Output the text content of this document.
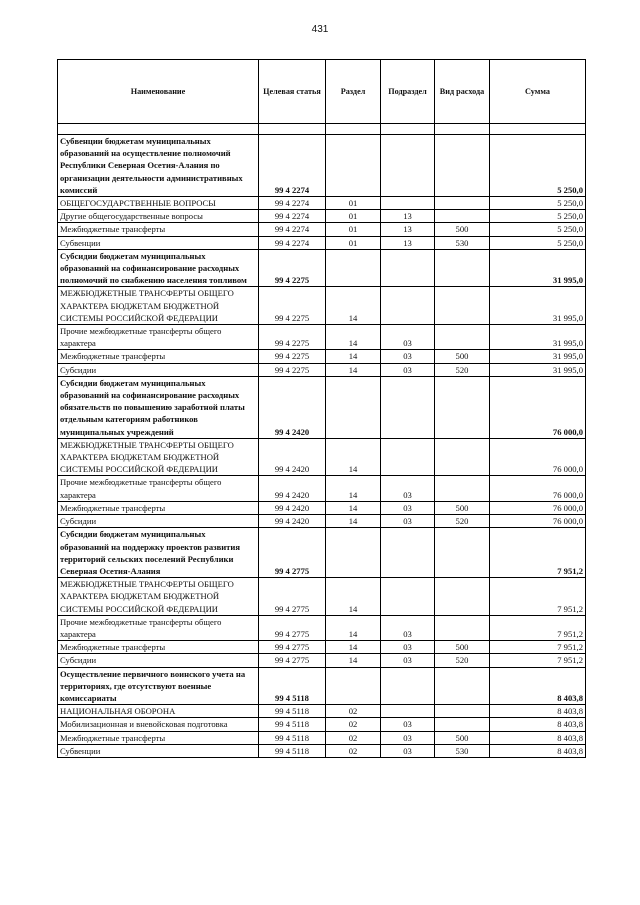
431
Наименование	Целевая статья	Раздел	Подраздел	Вид расхода	Сумма

Субвенции бюджетам муниципальных образований на осуществление полномочий Республики Северная Осетия-Алания по организации деятельности административных комиссий	99 4 2274				5 250,0
ОБЩЕГОСУДАРСТВЕННЫЕ ВОПРОСЫ	99 4 2274	01			5 250,0
Другие общегосударственные вопросы	99 4 2274	01	13		5 250,0
Межбюджетные трансферты	99 4 2274	01	13	500	5 250,0
Субвенции	99 4 2274	01	13	530	5 250,0
Субсидии бюджетам муниципальных образований на софинансирование расходных полномочий по снабжению населения топливом	99 4 2275				31 995,0
МЕЖБЮДЖЕТНЫЕ ТРАНСФЕРТЫ ОБЩЕГО ХАРАКТЕРА БЮДЖЕТАМ БЮДЖЕТНОЙ СИСТЕМЫ РОССИЙСКОЙ ФЕДЕРАЦИИ	99 4 2275	14			31 995,0
Прочие межбюджетные трансферты общего характера	99 4 2275	14	03		31 995,0
Межбюджетные трансферты	99 4 2275	14	03	500	31 995,0
Субсидии	99 4 2275	14	03	520	31 995,0
Субсидии бюджетам муниципальных образований на софинансирование расходных обязательств по повышению заработной платы отдельным категориям работников муниципальных учреждений	99 4 2420				76 000,0
МЕЖБЮДЖЕТНЫЕ ТРАНСФЕРТЫ ОБЩЕГО ХАРАКТЕРА БЮДЖЕТАМ БЮДЖЕТНОЙ СИСТЕМЫ РОССИЙСКОЙ ФЕДЕРАЦИИ	99 4 2420	14			76 000,0
Прочие межбюджетные трансферты общего характера	99 4 2420	14	03		76 000,0
Межбюджетные трансферты	99 4 2420	14	03	500	76 000,0
Субсидии	99 4 2420	14	03	520	76 000,0
Субсидии бюджетам муниципальных образований на поддержку проектов развития территорий сельских поселений Республики Северная Осетия-Алания	99 4 2775				7 951,2
МЕЖБЮДЖЕТНЫЕ ТРАНСФЕРТЫ ОБЩЕГО ХАРАКТЕРА БЮДЖЕТАМ БЮДЖЕТНОЙ СИСТЕМЫ РОССИЙСКОЙ ФЕДЕРАЦИИ	99 4 2775	14			7 951,2
Прочие межбюджетные трансферты общего характера	99 4 2775	14	03		7 951,2
Межбюджетные трансферты	99 4 2775	14	03	500	7 951,2
Субсидии	99 4 2775	14	03	520	7 951,2
Осуществление первичного воинского учета на территориях, где отсутствуют военные комиссариаты	99 4 5118				8 403,8
НАЦИОНАЛЬНАЯ ОБОРОНА	99 4 5118	02			8 403,8
Мобилизационная и вневойсковая подготовка	99 4 5118	02	03		8 403,8
Межбюджетные трансферты	99 4 5118	02	03	500	8 403,8
Субвенции	99 4 5118	02	03	530	8 403,8
